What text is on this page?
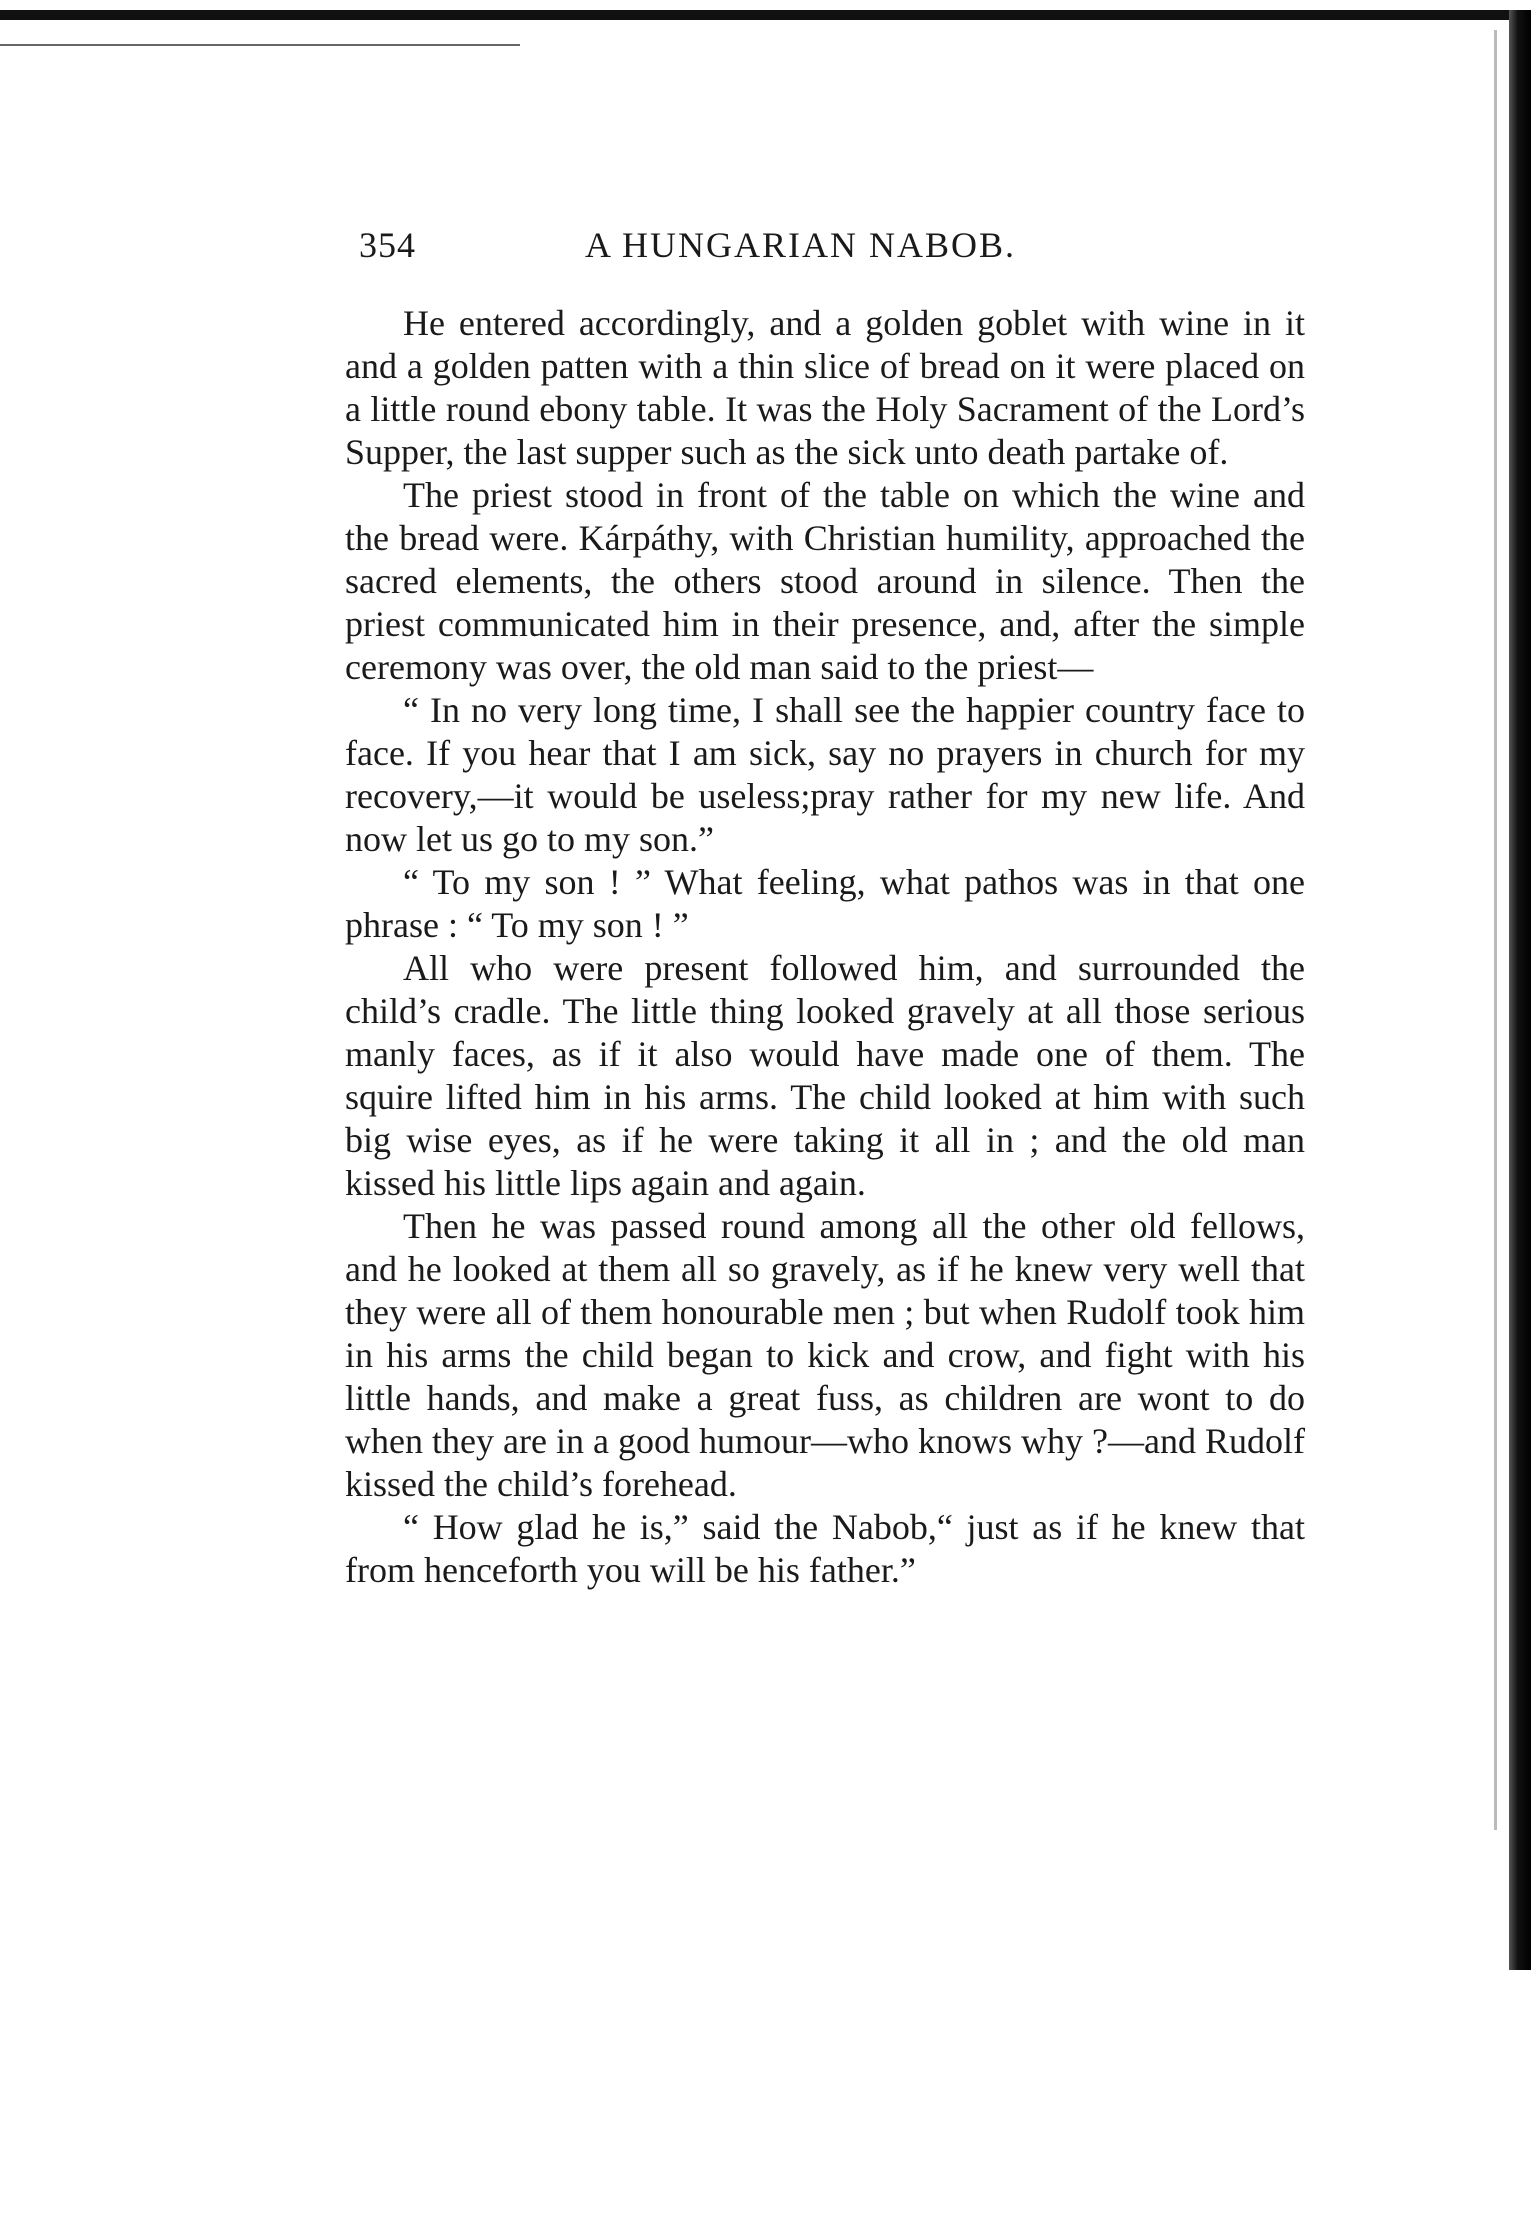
354	A HUNGARIAN NABOB.

He entered accordingly, and a golden goblet with wine in it and a golden patten with a thin slice of bread on it were placed on a little round ebony table. It was the Holy Sacrament of the Lord’s Supper, the last supper such as the sick unto death partake of.

The priest stood in front of the table on which the wine and the bread were. Kárpáthy, with Christian humility, approached the sacred elements, the others stood around in silence. Then the priest communicated him in their presence, and, after the simple ceremony was over, the old man said to the priest—

“ In no very long time, I shall see the happier country face to face. If you hear that I am sick, say no prayers in church for my recovery,—it would be useless;pray rather for my new life. And now let us go to my son.”

“ To my son ! ” What feeling, what pathos was in that one phrase : “ To my son ! ”

All who were present followed him, and surrounded the child’s cradle. The little thing looked gravely at all those serious manly faces, as if it also would have made one of them. The squire lifted him in his arms. The child looked at him with such big wise eyes, as if he were taking it all in ; and the old man kissed his little lips again and again.

Then he was passed round among all the other old fellows, and he looked at them all so gravely, as if he knew very well that they were all of them honourable men ; but when Rudolf took him in his arms the child began to kick and crow, and fight with his little hands, and make a great fuss, as children are wont to do when they are in a good humour—who knows why ?—and Rudolf kissed the child’s forehead.

“ How glad he is,” said the Nabob,“ just as if he knew that from henceforth you will be his father.”
